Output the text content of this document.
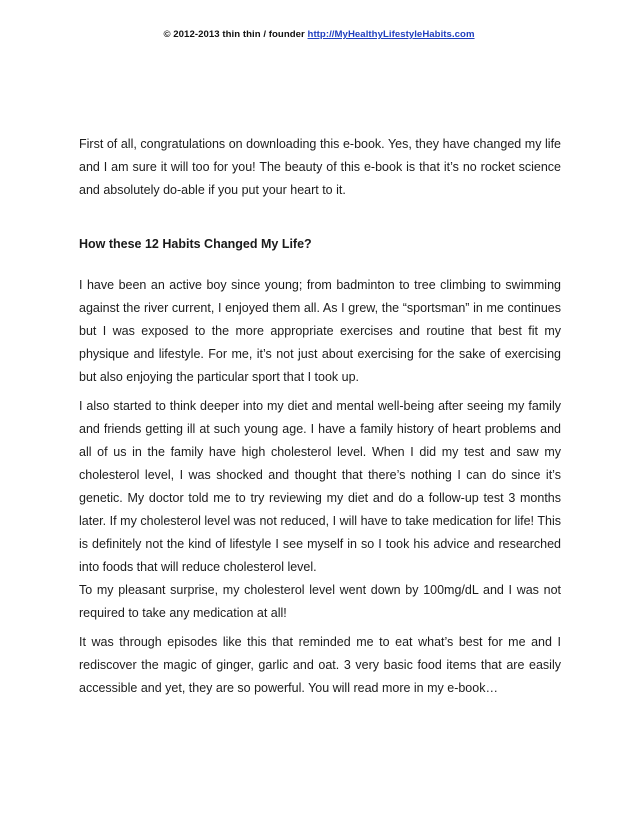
© 2012-2013 thin thin / founder http://MyHealthyLifestyleHabits.com

First of all, congratulations on downloading this e-book. Yes, they have changed my life and I am sure it will too for you! The beauty of this e-book is that it’s no rocket science and absolutely do-able if you put your heart to it.

How these 12 Habits Changed My Life?

I have been an active boy since young; from badminton to tree climbing to swimming against the river current, I enjoyed them all. As I grew, the “sportsman” in me continues but I was exposed to the more appropriate exercises and routine that best fit my physique and lifestyle. For me, it’s not just about exercising for the sake of exercising but also enjoying the particular sport that I took up.

I also started to think deeper into my diet and mental well-being after seeing my family and friends getting ill at such young age. I have a family history of heart problems and all of us in the family have high cholesterol level. When I did my test and saw my cholesterol level, I was shocked and thought that there’s nothing I can do since it’s genetic. My doctor told me to try reviewing my diet and do a follow-up test 3 months later. If my cholesterol level was not reduced, I will have to take medication for life! This is definitely not the kind of lifestyle I see myself in so I took his advice and researched into foods that will reduce cholesterol level.

To my pleasant surprise, my cholesterol level went down by 100mg/dL and I was not required to take any medication at all!

It was through episodes like this that reminded me to eat what’s best for me and I rediscover the magic of ginger, garlic and oat. 3 very basic food items that are easily accessible and yet, they are so powerful. You will read more in my e-book…
